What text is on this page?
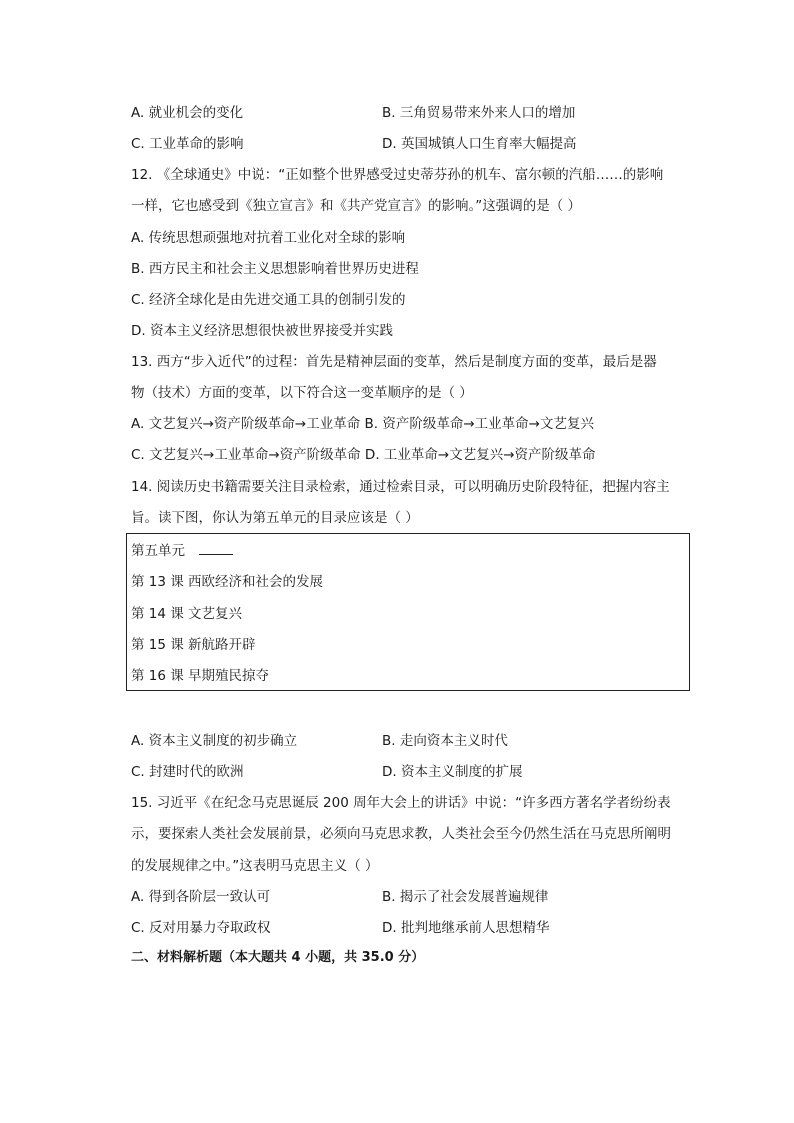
A. 就业机会的变化	B. 三角贸易带来外来人口的增加
C. 工业革命的影响	D. 英国城镇人口生育率大幅提高
12. 《全球通史》中说：“正如整个世界感受过史蒂芬孙的机车、富尔顿的汽船……的影响
一样，它也感受到《独立宣言》和《共产党宣言》的影响。”这强调的是（ ）
A. 传统思想顽强地对抗着工业化对全球的影响
B. 西方民主和社会主义思想影响着世界历史进程
C. 经济全球化是由先进交通工具的创制引发的
D. 资本主义经济思想很快被世界接受并实践
13. 西方“步入近代”的过程：首先是精神层面的变革，然后是制度方面的变革，最后是器
物（技术）方面的变革，以下符合这一变革顺序的是（ ）
A. 文艺复兴→资产阶级革命→工业革命 B. 资产阶级革命→工业革命→文艺复兴
C. 文艺复兴→工业革命→资产阶级革命 D. 工业革命→文艺复兴→资产阶级革命
14. 阅读历史书籍需要关注目录检索，通过检索目录，可以明确历史阶段特征，把握内容主
旨。读下图，你认为第五单元的目录应该是（ ）
第五单元
第 13 课 西欧经济和社会的发展
第 14 课 文艺复兴
第 15 课 新航路开辟
第 16 课 早期殖民掠夺
A. 资本主义制度的初步确立	B. 走向资本主义时代
C. 封建时代的欧洲	D. 资本主义制度的扩展
15. 习近平《在纪念马克思诞辰 200 周年大会上的讲话》中说：“许多西方著名学者纷纷表
示，要探索人类社会发展前景，必须向马克思求教，人类社会至今仍然生活在马克思所阐明
的发展规律之中。”这表明马克思主义（ ）
A. 得到各阶层一致认可	B. 揭示了社会发展普遍规律
C. 反对用暴力夺取政权	D. 批判地继承前人思想精华
二、材料解析题（本大题共 4 小题，共 35.0 分）
